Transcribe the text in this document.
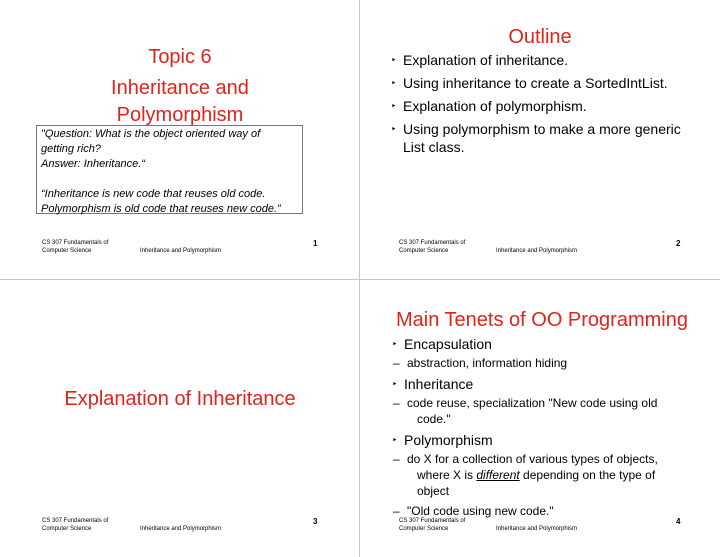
Topic 6
Inheritance and
Polymorphism
"Question: What is the object oriented way of
getting rich?
Answer: Inheritance.“
“Inheritance is new code that reuses old code.
Polymorphism is old code that reuses new code.”
CS 307 Fundamentals of
Computer Science	Inheritance and Polymorphism
1
Outline
‣ Explanation of inheritance.
‣ Using inheritance to create a SortedIntList.
‣ Explanation of polymorphism.
‣ Using polymorphism to make a more generic
List class.
CS 307 Fundamentals of
Computer Science	Inheritance and Polymorphism
2
Explanation of Inheritance
CS 307 Fundamentals of
Computer Science	Inheritance and Polymorphism
3
Main Tenets of OO Programming
‣ Encapsulation
– abstraction, information hiding
‣ Inheritance
– code reuse, specialization "New code using old
code."
‣ Polymorphism
– do X for a collection of various types of objects,
where X is different depending on the type of
object
– "Old code using new code."
CS 307 Fundamentals of
Computer Science	Inheritance and Polymorphism
4
